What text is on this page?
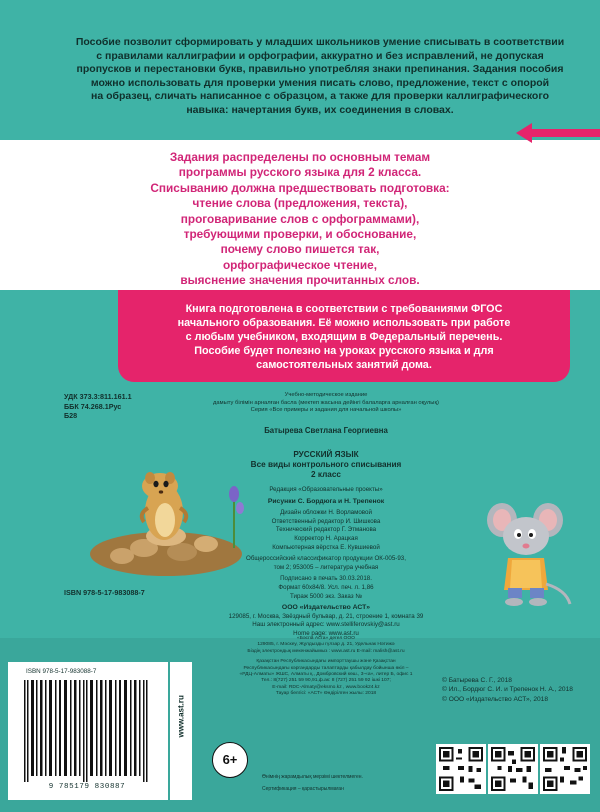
Пособие позволит сформировать у младших школьников умение списывать в соответствии
с правилами каллиграфии и орфографии, аккуратно и без исправлений, не допуская
пропусков и перестановки букв, правильно употребляя знаки препинания. Задания пособия
можно использовать для проверки умения писать слово, предложение, текст с опорой
на образец, сличать написанное с образцом, а также для проверки каллиграфического
навыка: начертания букв, их соединения в словах.
Задания распределены по основным темам
программы русского языка для 2 класса.
Списыванию должна предшествовать подготовка:
чтение слова (предложения, текста),
проговаривание слов с орфограммами),
требующими проверки, и обоснование,
почему слово пишется так,
орфографическое чтение,
выяснение значения прочитанных слов.
Книга подготовлена в соответствии с требованиями ФГОС
начального образования. Её можно использовать при работе
с любым учебником, входящим в Федеральный перечень.
Пособие будет полезно на уроках русского языка и для
самостоятельных занятий дома.
УДК 373.3:811.161.1
ББК 74.268.1Рус
Б28
Учебно-методическое издание
дамыту білімін арналған басла (мектеп жасына дейінгі балаларға арналған оқулық)
Серия «Все примеры и задания для начальной школы»
Батырева Светлана Георгиевна
РУССКИЙ ЯЗЫК
Все виды контрольного списывания
2 класс
Редакция «Образовательные проекты»
Рисунки С. Бордюга и Н. Трепенок
Дизайн обложки Н. Ворламовой
Ответственный редактор И. Шишкова
Технический редактор Г. Этманова
Корректор Н. Арацкая
Компьютерная вёрстка Е. Кувшиевой
Общероссийский классификатор продукции ОК-005-93,
том 2; 953005 – литература учебная
Подписано в печать 30.03.2018.
Формат 60х84/8. Усл. печ. л. 1,86
Тираж 5000 экз. Заказ №
ООО «Издательство АСТ»
129085, г. Москва, Звёздный бульвар, д. 21, строение 1, комната 39
Наш электронный адрес: www.stelliferovskiy@ast.ru
Home page: www.ast.ru
ISBN 978-5-17-983088-7
«Бәспа Аста» дегел ООО
129085, г. Мәскеу, Жұлдызды гүлзар д. 21, Удельнак Нәтижә
Біздің электрондық мекенжайымыз : www.ast.ru E-mail: malish@ast.ru
Қазақстан Республикасындағы импорттаушы және Қазақстан
Республикасындағы кәргандарды талаптарды қабылдау бойынша өкіл –
«РДЦ-Алматы» ЖШС, Алматы қ., Домбровский көш., 3-«а», литер Б, офис 1
Тел.: 8(727) 251 59 90,91,ф.ак: 8 (727) 251 59 92 ішкі 107;
E-mail: RDC-Almaty@eksmo.kz , www.book24.kz
Тауар белгісі: «АСТ» Өндірілген жылы: 2018
© Батырева С. Г., 2018
© Ил., Бордюг С. И. и Трепенок Н. А., 2018
© ООО «Издательство АСТ», 2018
ISBN 978-5-17-983088-7
9 785179 830887
www.ast.ru
6+
Өнімнің жарамдылық мерзімі шектелмеген.
Сертификация – қарастырылмаған
